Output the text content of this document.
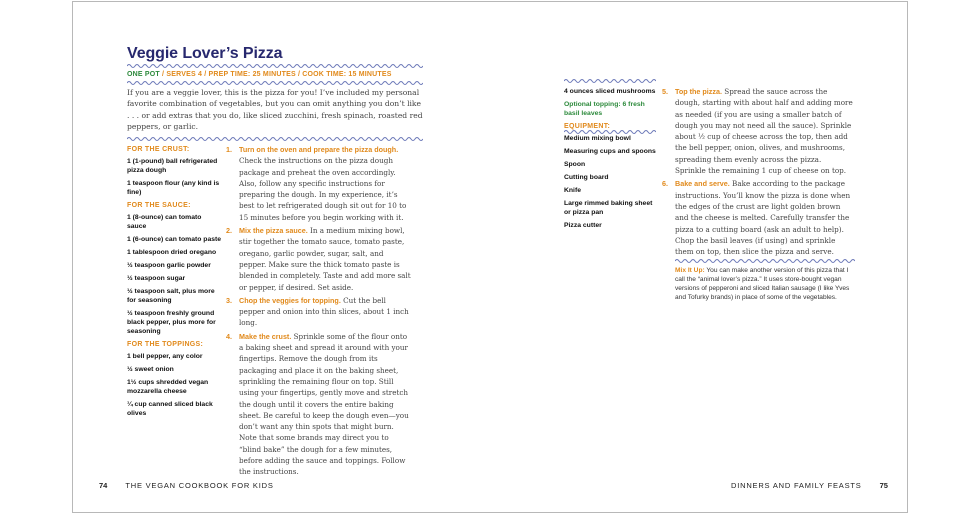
Veggie Lover’s Pizza
ONE POT / SERVES 4 / PREP TIME: 25 MINUTES / COOK TIME: 15 MINUTES

If you are a veggie lover, this is the pizza for you! I’ve included my personal favorite combination of vegetables, but you can omit anything you don’t like . . . or add extras that you do, like sliced zucchini, fresh spinach, roasted red peppers, or garlic.

FOR THE CRUST:
1 (1-pound) ball refrigerated pizza dough
1 teaspoon flour (any kind is fine)
FOR THE SAUCE:
1 (8-ounce) can tomato sauce
1 (6-ounce) can tomato paste
1 tablespoon dried oregano
½ teaspoon garlic powder
½ teaspoon sugar
½ teaspoon salt, plus more for seasoning
½ teaspoon freshly ground black pepper, plus more for seasoning
FOR THE TOPPINGS:
1 bell pepper, any color
½ sweet onion
1½ cups shredded vegan mozzarella cheese
¼ cup canned sliced black olives
1. Turn on the oven and prepare the pizza dough. Check the instructions on the pizza dough package and preheat the oven accordingly. Also, follow any specific instructions for preparing the dough. In my experience, it’s best to let refrigerated dough sit out for 10 to 15 minutes before you begin working with it.
2. Mix the pizza sauce. In a medium mixing bowl, stir together the tomato sauce, tomato paste, oregano, garlic powder, sugar, salt, and pepper. Make sure the thick tomato paste is blended in completely. Taste and add more salt or pepper, if desired. Set aside.
3. Chop the veggies for topping. Cut the bell pepper and onion into thin slices, about 1 inch long.
4. Make the crust. Sprinkle some of the flour onto a baking sheet and spread it around with your fingertips. Remove the dough from its packaging and place it on the baking sheet, sprinkling the remaining flour on top. Still using your fingertips, gently move and stretch the dough until it covers the entire baking sheet. Be careful to keep the dough even—you don’t want any thin spots that might burn. Note that some brands may direct you to “blind bake” the dough for a few minutes, before adding the sauce and toppings. Follow the instructions.
74 THE VEGAN COOKBOOK FOR KIDS
4 ounces sliced mushrooms
Optional topping: 6 fresh basil leaves
EQUIPMENT:
Medium mixing bowl
Measuring cups and spoons
Spoon
Cutting board
Knife
Large rimmed baking sheet or pizza pan
Pizza cutter
5. Top the pizza. Spread the sauce across the dough, starting with about half and adding more as needed (if you are using a smaller batch of dough you may not need all the sauce). Sprinkle about ½ cup of cheese across the top, then add the bell pepper, onion, olives, and mushrooms, spreading them evenly across the pizza. Sprinkle the remaining 1 cup of cheese on top.
6. Bake and serve. Bake according to the package instructions. You’ll know the pizza is done when the edges of the crust are light golden brown and the cheese is melted. Carefully transfer the pizza to a cutting board (ask an adult to help). Chop the basil leaves (if using) and sprinkle them on top, then slice the pizza and serve.
Mix It Up: You can make another version of this pizza that I call the “animal lover’s pizza.” It uses store-bought vegan versions of pepperoni and sliced Italian sausage (I like Yves and Tofurky brands) in place of some of the vegetables.
DINNERS AND FAMILY FEASTS 75
